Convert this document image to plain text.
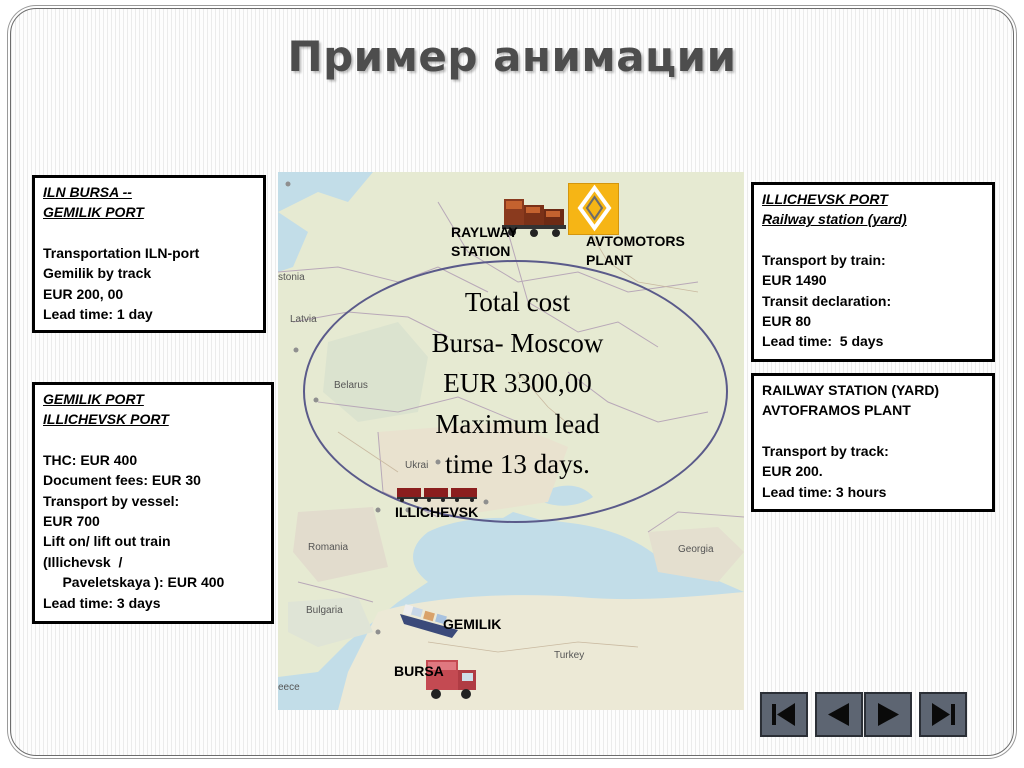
Пример анимации
ILN BURSA --
GEMILIK PORT
Transportation ILN-port
Gemilik by track
EUR 200, 00
Lead time: 1 day
GEMILIK PORT
ILLICHEVSK PORT
THC: EUR 400
Document fees: EUR 30
Transport by vessel:
EUR 700
Lift on/ lift out train
(Illichevsk  /
Paveletskaya ): EUR 400
Lead time: 3 days
ILLICHEVSK PORT
Railway station (yard)
Transport by train:
EUR 1490
Transit declaration:
EUR 80
Lead time:  5 days
RAILWAY STATION (YARD)
AVTOFRAMOS PLANT
Transport by track:
EUR 200.
Lead time: 3 hours
stonia
Latvia
Belarus
Ukrai
Romania
Bulgaria
Georgia
Turkey
eece
Total cost
Bursa- Moscow
EUR 3300,00
Maximum lead
time 13 days.
RAYLWAY
STATION
AVTOMOTORS
PLANT
ILLICHEVSK
GEMILIK
BURSA
